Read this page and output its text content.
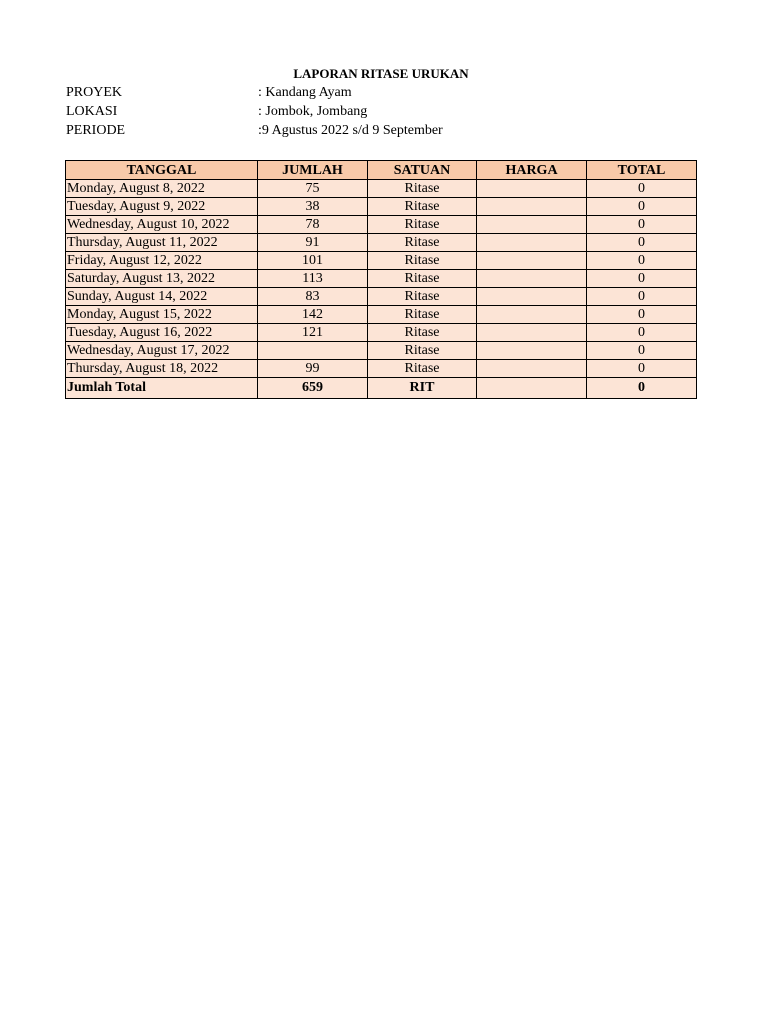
LAPORAN RITASE URUKAN
PROYEK	: Kandang Ayam
LOKASI	: Jombok, Jombang
PERIODE	:9 Agustus 2022 s/d 9 September
TANGGAL	JUMLAH	SATUAN	HARGA	TOTAL
Monday, August 8, 2022	75	Ritase		0
Tuesday, August 9, 2022	38	Ritase		0
Wednesday, August 10, 2022	78	Ritase		0
Thursday, August 11, 2022	91	Ritase		0
Friday, August 12, 2022	101	Ritase		0
Saturday, August 13, 2022	113	Ritase		0
Sunday, August 14, 2022	83	Ritase		0
Monday, August 15, 2022	142	Ritase		0
Tuesday, August 16, 2022	121	Ritase		0
Wednesday, August 17, 2022		Ritase		0
Thursday, August 18, 2022	99	Ritase		0
Jumlah Total	659	RIT		0
